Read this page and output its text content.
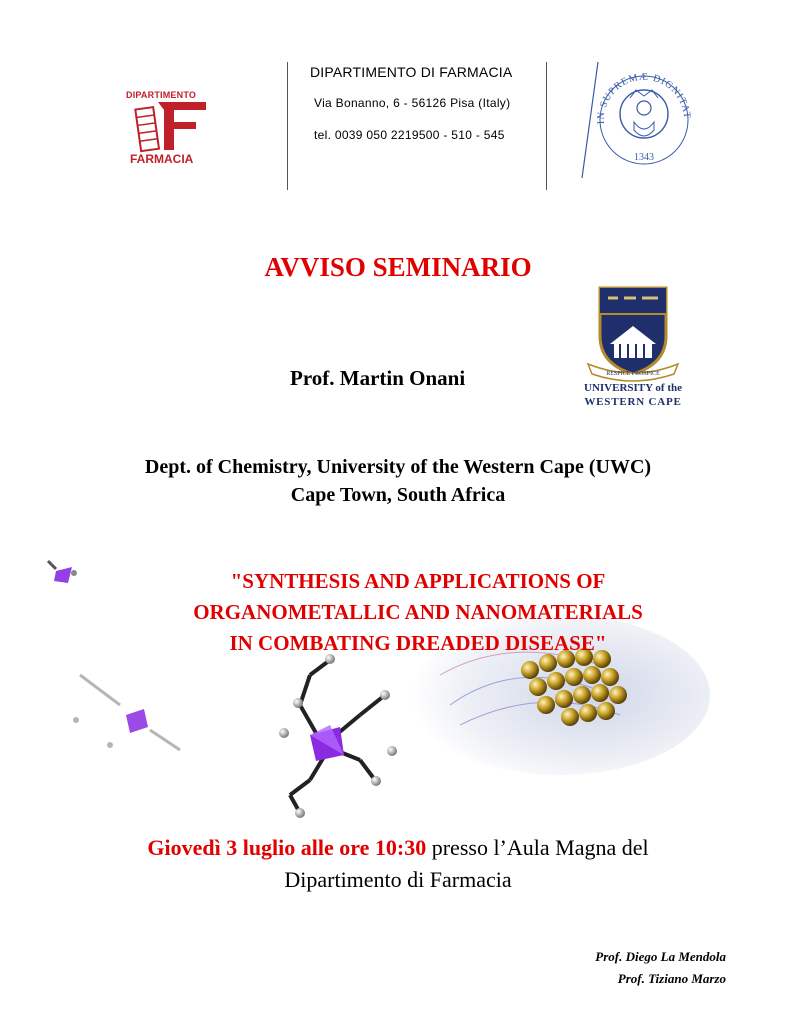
DIPARTIMENTO
FARMACIA
DIPARTIMENTO DI FARMACIA
Via Bonanno, 6 - 56126 Pisa (Italy)
tel. 0039 050 2219500 - 510 - 545
IN SUPREMÆ DIGNITAT
1343
AVVISO SEMINARIO
RESPICE PROSPICE
UNIVERSITY of the
WESTERN CAPE
Prof. Martin Onani
Dept. of Chemistry, University of the Western Cape (UWC)
Cape Town, South Africa
"SYNTHESIS AND APPLICATIONS OF
ORGANOMETALLIC AND NANOMATERIALS
IN COMBATING DREADED DISEASE"
Giovedì 3 luglio alle ore 10:30 presso l’Aula Magna del
Dipartimento di Farmacia
Prof. Diego La Mendola
Prof. Tiziano Marzo
